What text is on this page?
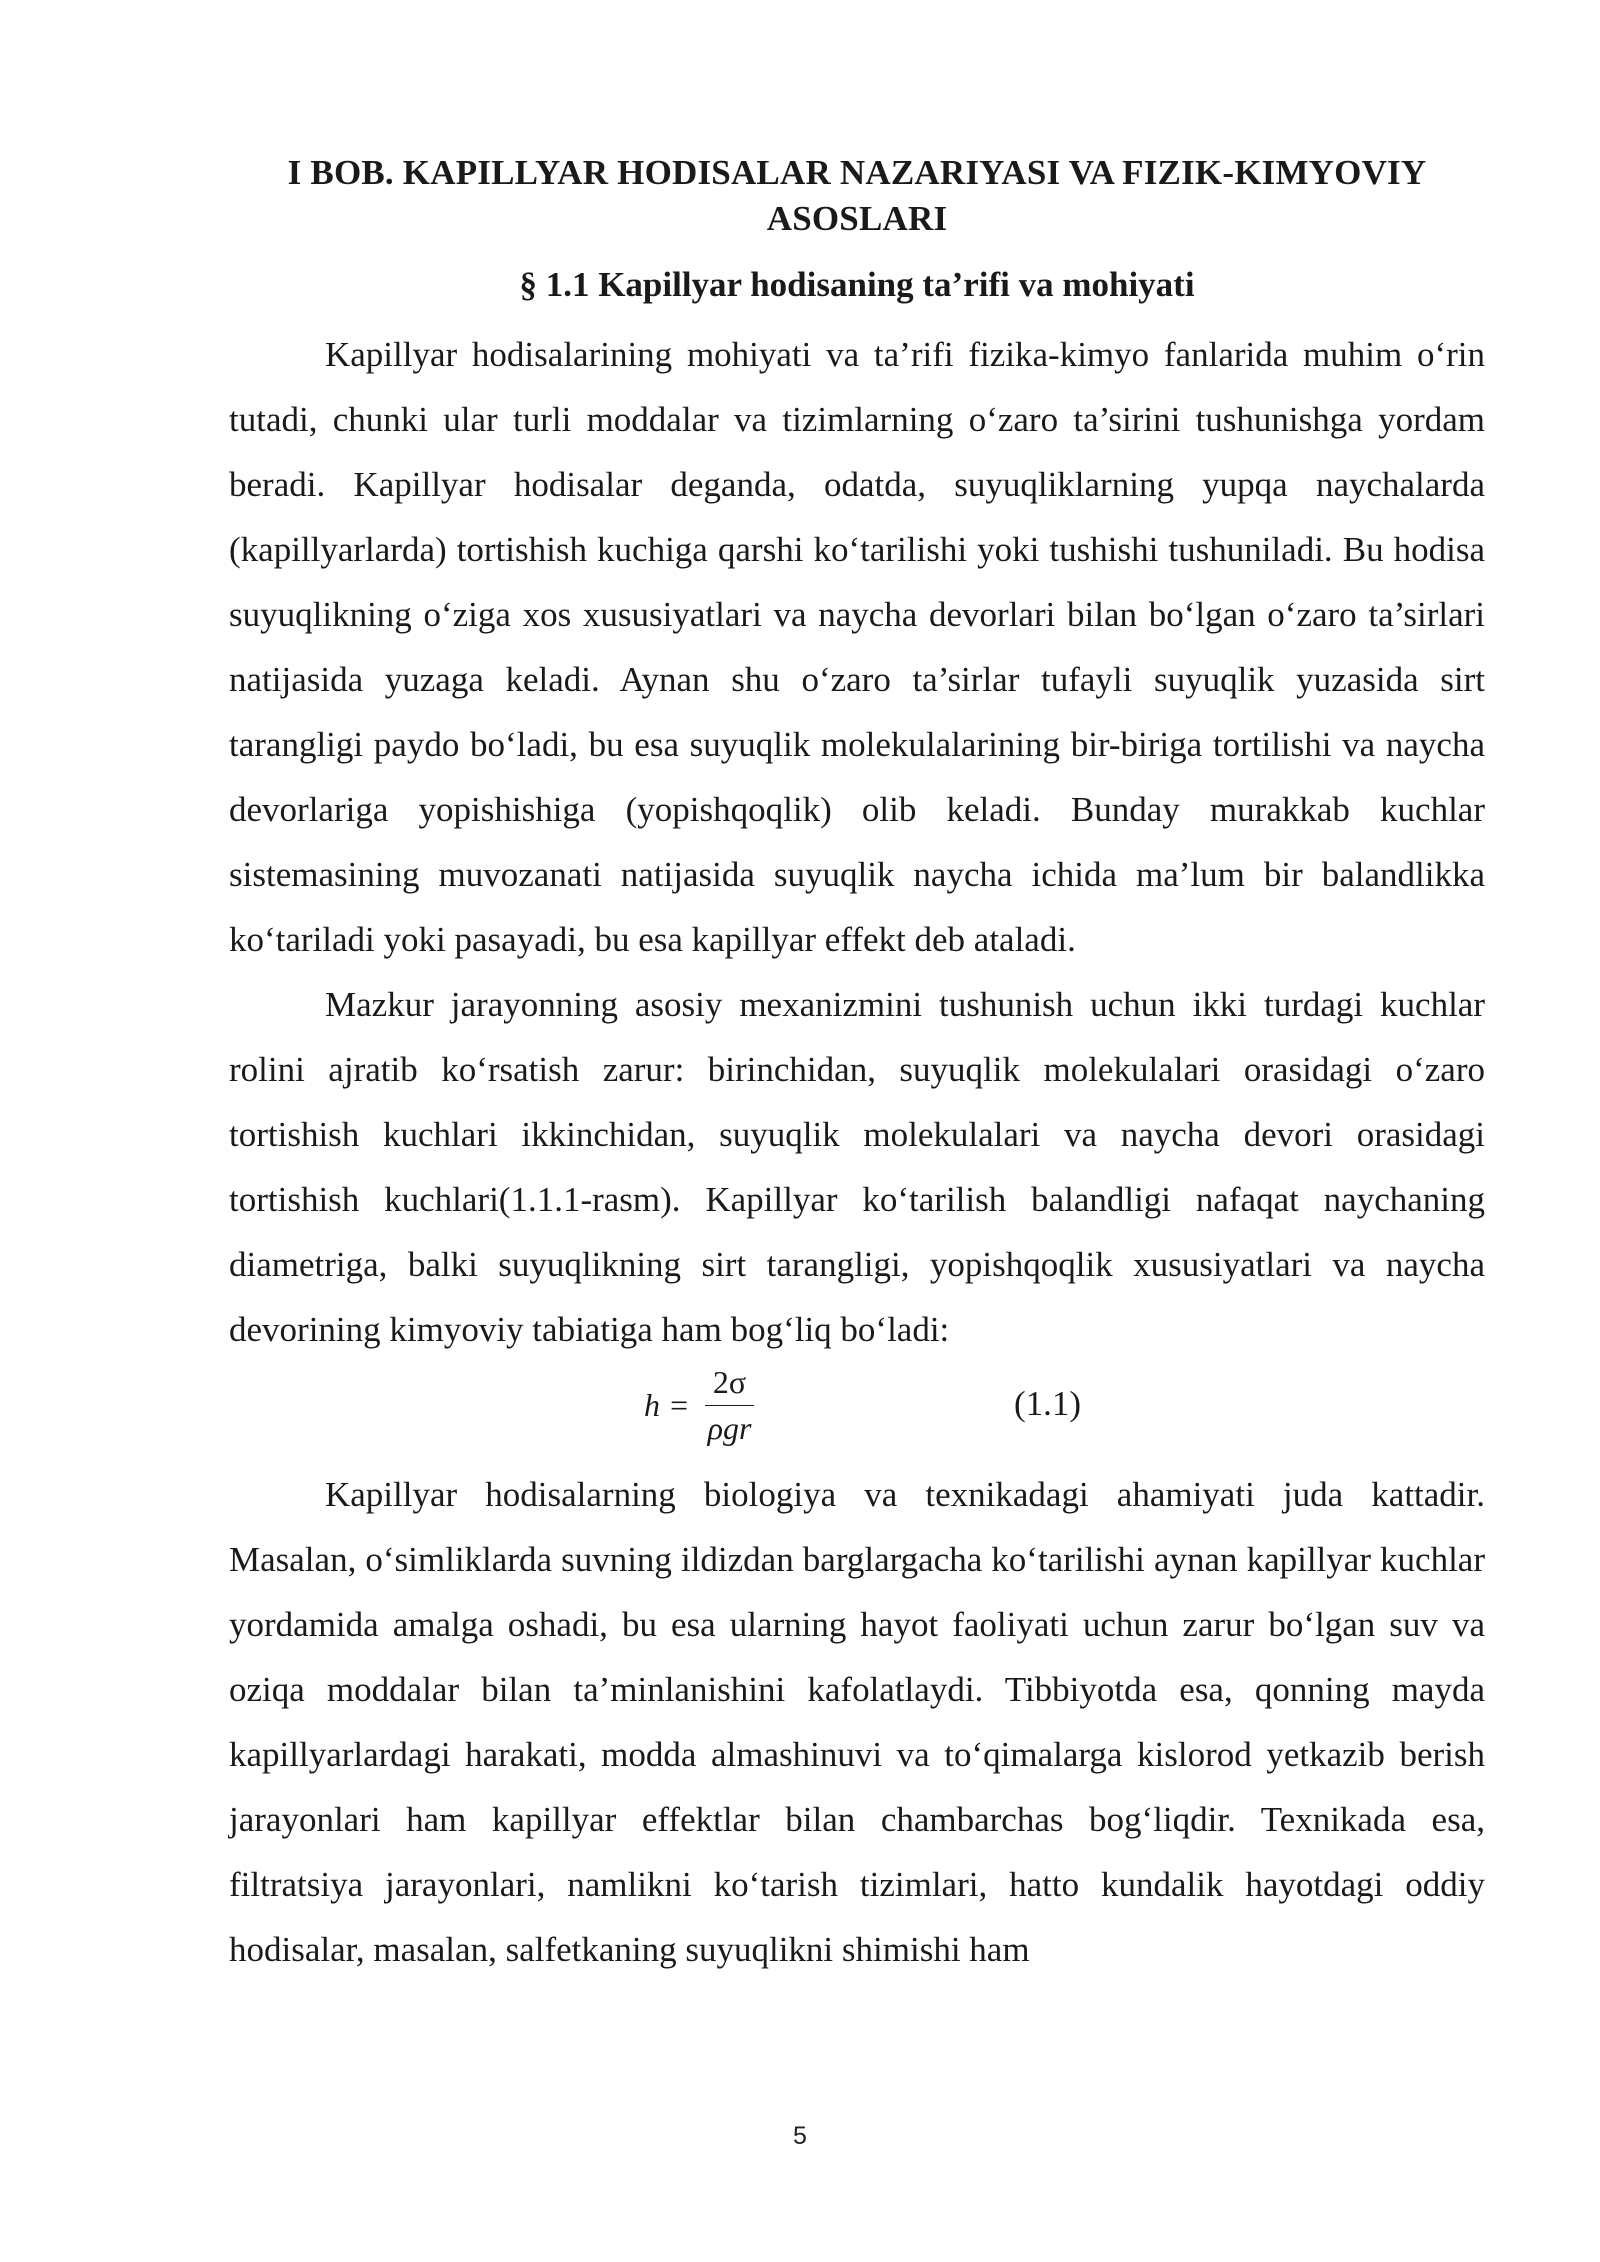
I BOB. KAPILLYAR HODISALAR NAZARIYASI VA FIZIK-KIMYOVIY ASOSLARI
§ 1.1 Kapillyar hodisaning ta’rifi va mohiyati

Kapillyar hodisalarining mohiyati va ta’rifi fizika-kimyo fanlarida muhim o‘rin tutadi, chunki ular turli moddalar va tizimlarning o‘zaro ta’sirini tushunishga yordam beradi. Kapillyar hodisalar deganda, odatda, suyuqliklarning yupqa naychalarda (kapillyarlarda) tortishish kuchiga qarshi ko‘tarilishi yoki tushishi tushuniladi. Bu hodisa suyuqlikning o‘ziga xos xususiyatlari va naycha devorlari bilan bo‘lgan o‘zaro ta’sirlari natijasida yuzaga keladi. Aynan shu o‘zaro ta’sirlar tufayli suyuqlik yuzasida sirt tarangligi paydo bo‘ladi, bu esa suyuqlik molekulalarining bir-biriga tortilishi va naycha devorlariga yopishishiga (yopishqoqlik) olib keladi. Bunday murakkab kuchlar sistemasining muvozanati natijasida suyuqlik naycha ichida ma’lum bir balandlikka ko‘tariladi yoki pasayadi, bu esa kapillyar effekt deb ataladi.

Mazkur jarayonning asosiy mexanizmini tushunish uchun ikki turdagi kuchlar rolini ajratib ko‘rsatish zarur: birinchidan, suyuqlik molekulalari orasidagi o‘zaro tortishish kuchlari ikkinchidan, suyuqlik molekulalari va naycha devori orasidagi tortishish kuchlari(1.1.1-rasm). Kapillyar ko‘tarilish balandligi nafaqat naychaning diametriga, balki suyuqlikning sirt tarangligi, yopishqoqlik xususiyatlari va naycha devorining kimyoviy tabiatiga ham bog‘liq bo‘ladi:

$h = \frac{2\sigma}{\text{ρgr}}$	(1.1)

Kapillyar hodisalarning biologiya va texnikadagi ahamiyati juda kattadir. Masalan, o‘simliklarda suvning ildizdan barglargacha ko‘tarilishi aynan kapillyar kuchlar yordamida amalga oshadi, bu esa ularning hayot faoliyati uchun zarur bo‘lgan suv va oziqa moddalar bilan ta’minlanishini kafolatlaydi. Tibbiyotda esa, qonning mayda kapillyarlardagi harakati, modda almashinuvi va to‘qimalarga kislorod yetkazib berish jarayonlari ham kapillyar effektlar bilan chambarchas bog‘liqdir. Texnikada esa, filtratsiya jarayonlari, namlikni ko‘tarish tizimlari, hatto kundalik hayotdagi oddiy hodisalar, masalan, salfetkaning suyuqlikni shimishi ham

5
